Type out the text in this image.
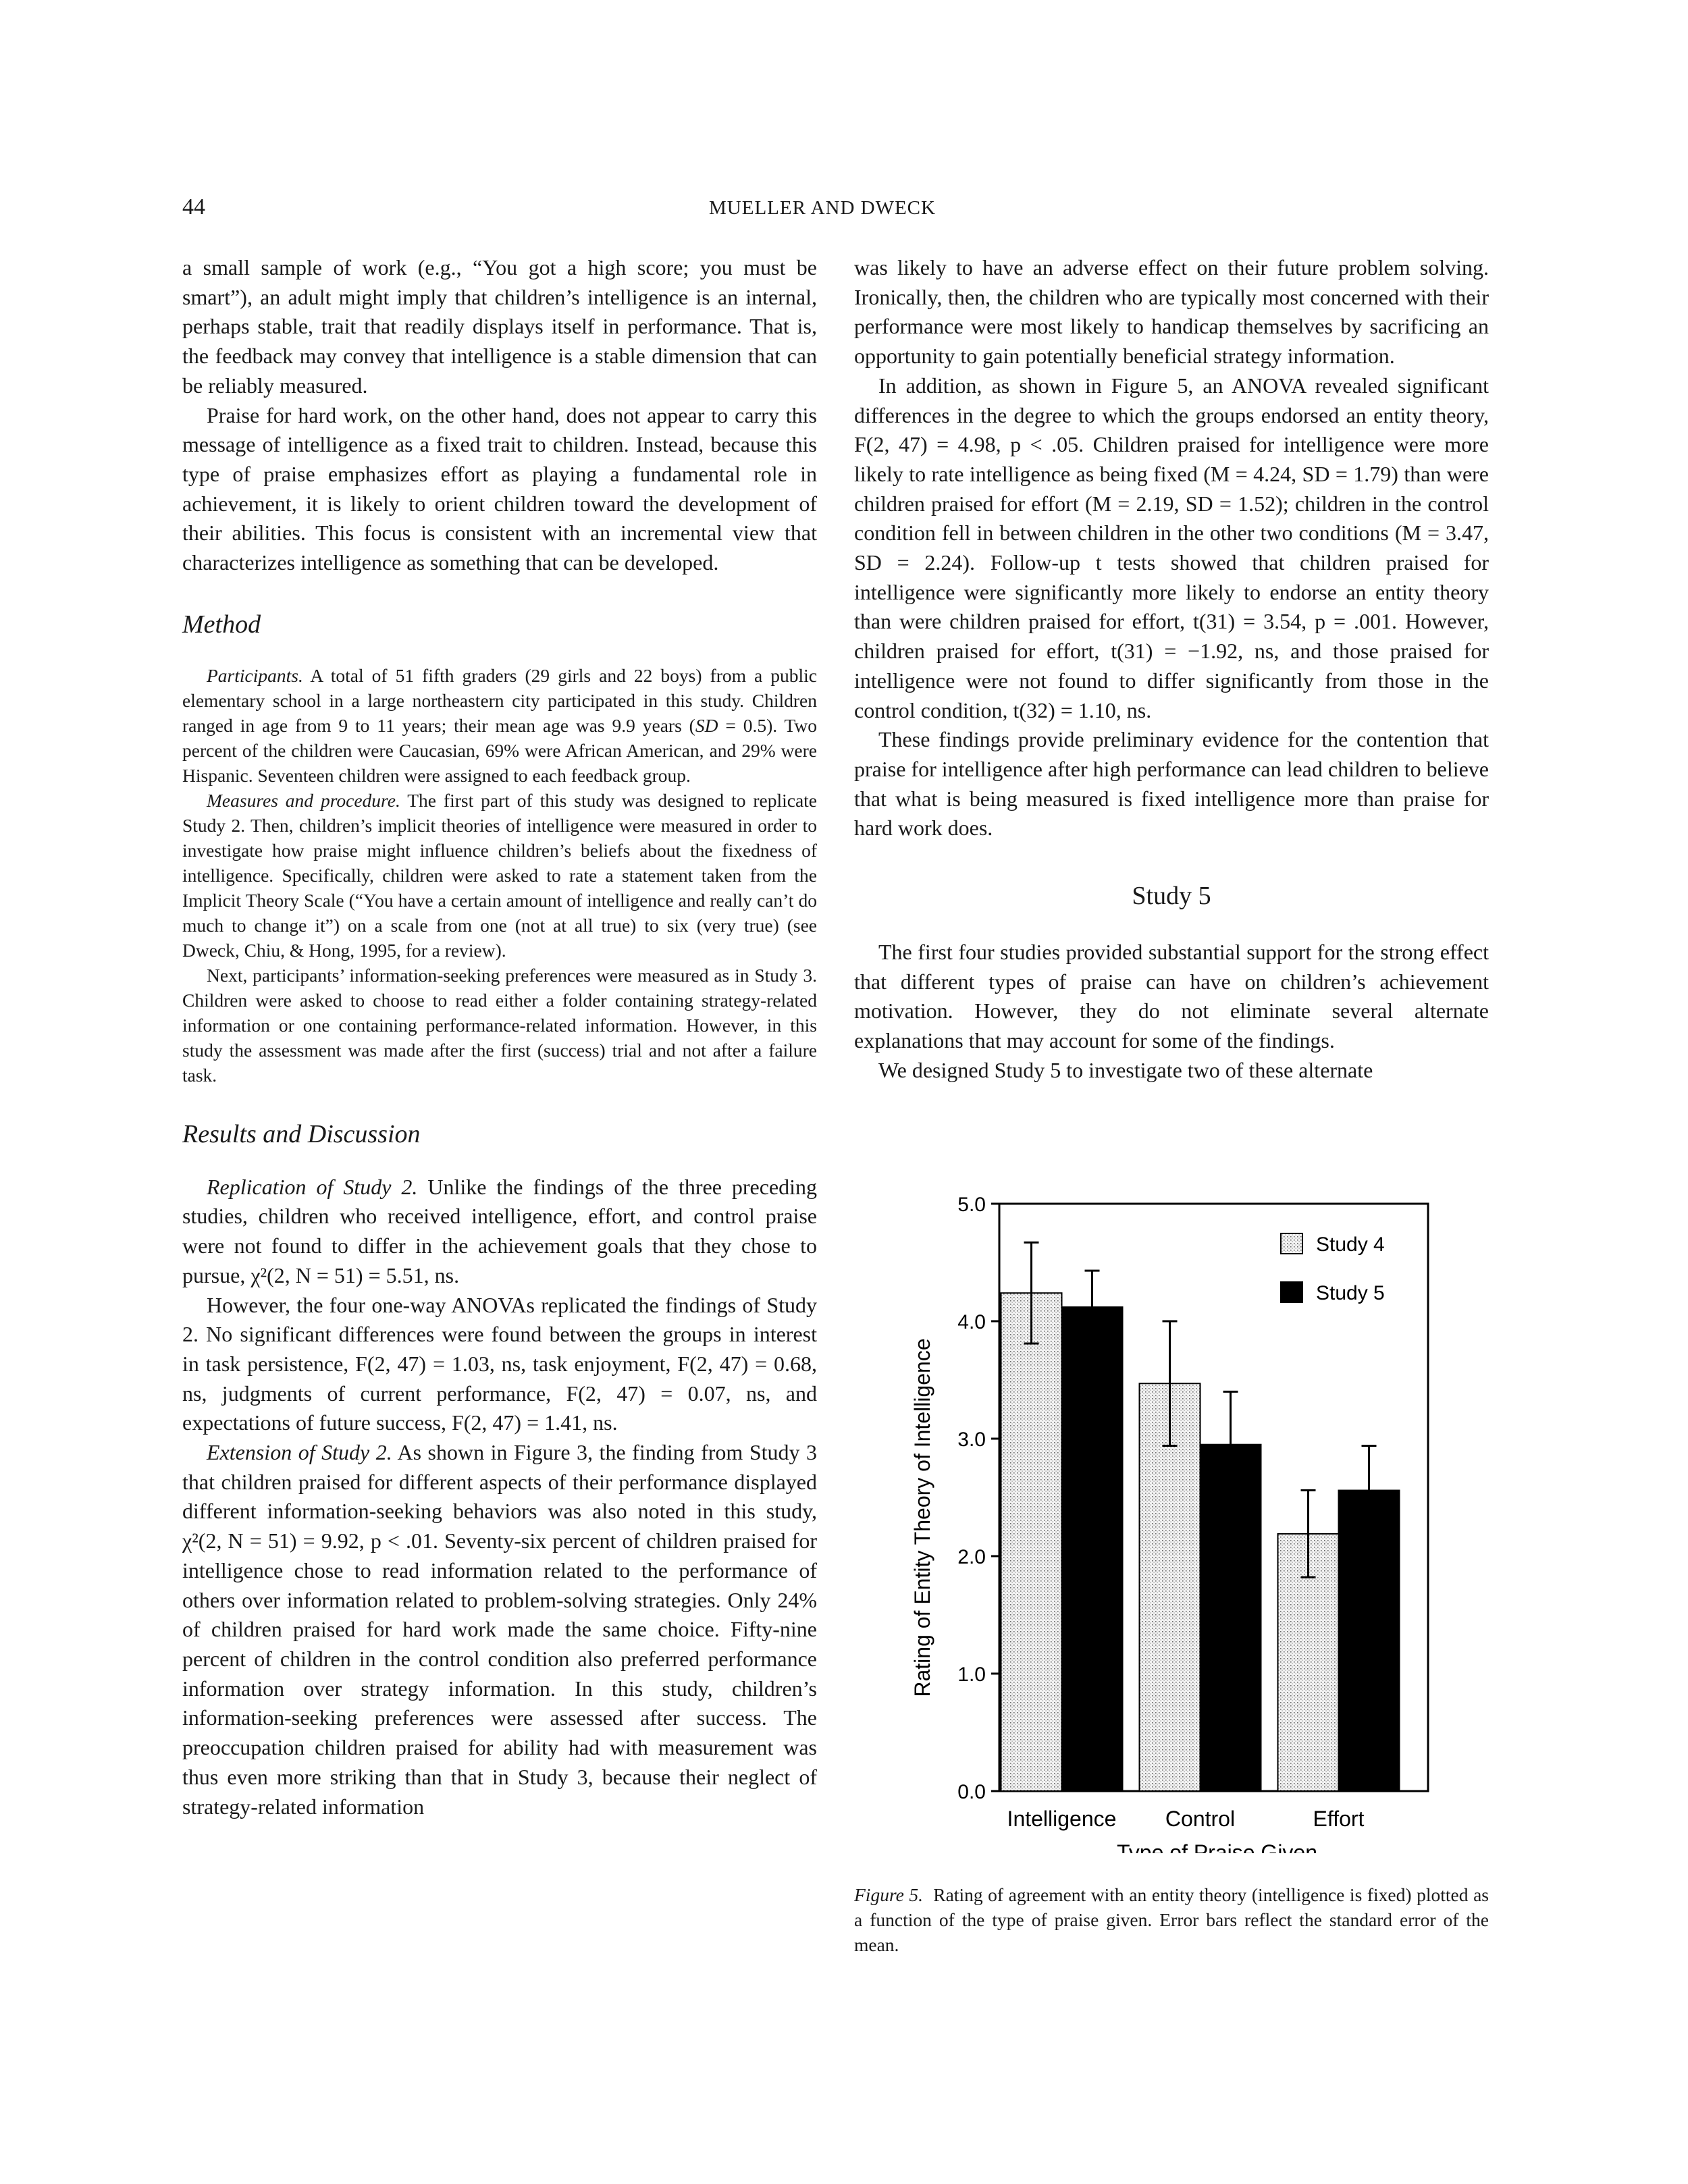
44	MUELLER AND DWECK

a small sample of work (e.g., “You got a high score; you must be smart”), an adult might imply that children’s intelligence is an internal, perhaps stable, trait that readily displays itself in performance. That is, the feedback may convey that intelligence is a stable dimension that can be reliably measured.

Praise for hard work, on the other hand, does not appear to carry this message of intelligence as a fixed trait to children. Instead, because this type of praise emphasizes effort as playing a fundamental role in achievement, it is likely to orient children toward the development of their abilities. This focus is consistent with an incremental view that characterizes intelligence as something that can be developed.

Method

Participants. A total of 51 fifth graders (29 girls and 22 boys) from a public elementary school in a large northeastern city participated in this study. Children ranged in age from 9 to 11 years; their mean age was 9.9 years (SD = 0.5). Two percent of the children were Caucasian, 69% were African American, and 29% were Hispanic. Seventeen children were assigned to each feedback group.

Measures and procedure. The first part of this study was designed to replicate Study 2. Then, children’s implicit theories of intelligence were measured in order to investigate how praise might influence children’s beliefs about the fixedness of intelligence. Specifically, children were asked to rate a statement taken from the Implicit Theory Scale (“You have a certain amount of intelligence and really can’t do much to change it”) on a scale from one (not at all true) to six (very true) (see Dweck, Chiu, & Hong, 1995, for a review).

Next, participants’ information-seeking preferences were measured as in Study 3. Children were asked to choose to read either a folder containing strategy-related information or one containing performance-related information. However, in this study the assessment was made after the first (success) trial and not after a failure task.

Results and Discussion

Replication of Study 2. Unlike the findings of the three preceding studies, children who received intelligence, effort, and control praise were not found to differ in the achievement goals that they chose to pursue, χ²(2, N = 51) = 5.51, ns.

However, the four one-way ANOVAs replicated the findings of Study 2. No significant differences were found between the groups in interest in task persistence, F(2, 47) = 1.03, ns, task enjoyment, F(2, 47) = 0.68, ns, judgments of current performance, F(2, 47) = 0.07, ns, and expectations of future success, F(2, 47) = 1.41, ns.

Extension of Study 2. As shown in Figure 3, the finding from Study 3 that children praised for different aspects of their performance displayed different information-seeking behaviors was also noted in this study, χ²(2, N = 51) = 9.92, p < .01. Seventy-six percent of children praised for intelligence chose to read information related to the performance of others over information related to problem-solving strategies. Only 24% of children praised for hard work made the same choice. Fifty-nine percent of children in the control condition also preferred performance information over strategy information. In this study, children’s information-seeking preferences were assessed after success. The preoccupation children praised for ability had with measurement was thus even more striking than that in Study 3, because their neglect of strategy-related information

was likely to have an adverse effect on their future problem solving. Ironically, then, the children who are typically most concerned with their performance were most likely to handicap themselves by sacrificing an opportunity to gain potentially beneficial strategy information.

In addition, as shown in Figure 5, an ANOVA revealed significant differences in the degree to which the groups endorsed an entity theory, F(2, 47) = 4.98, p < .05. Children praised for intelligence were more likely to rate intelligence as being fixed (M = 4.24, SD = 1.79) than were children praised for effort (M = 2.19, SD = 1.52); children in the control condition fell in between children in the other two conditions (M = 3.47, SD = 2.24). Follow-up t tests showed that children praised for intelligence were significantly more likely to endorse an entity theory than were children praised for effort, t(31) = 3.54, p = .001. However, children praised for effort, t(31) = −1.92, ns, and those praised for intelligence were not found to differ significantly from those in the control condition, t(32) = 1.10, ns.

These findings provide preliminary evidence for the contention that praise for intelligence after high performance can lead children to believe that what is being measured is fixed intelligence more than praise for hard work does.

Study 5

The first four studies provided substantial support for the strong effect that different types of praise can have on children’s achievement motivation. However, they do not eliminate several alternate explanations that may account for some of the findings.

We designed Study 5 to investigate two of these alternate

0.0
1.0
2.0
3.0
4.0
5.0
Rating of Entity Theory of Intelligence
Intelligence Control	Effort
Type of Praise Given
Study 4
Study 5
Figure 5. Rating of agreement with an entity theory (intelligence is fixed) plotted as a function of the type of praise given. Error bars reflect the standard error of the mean.
